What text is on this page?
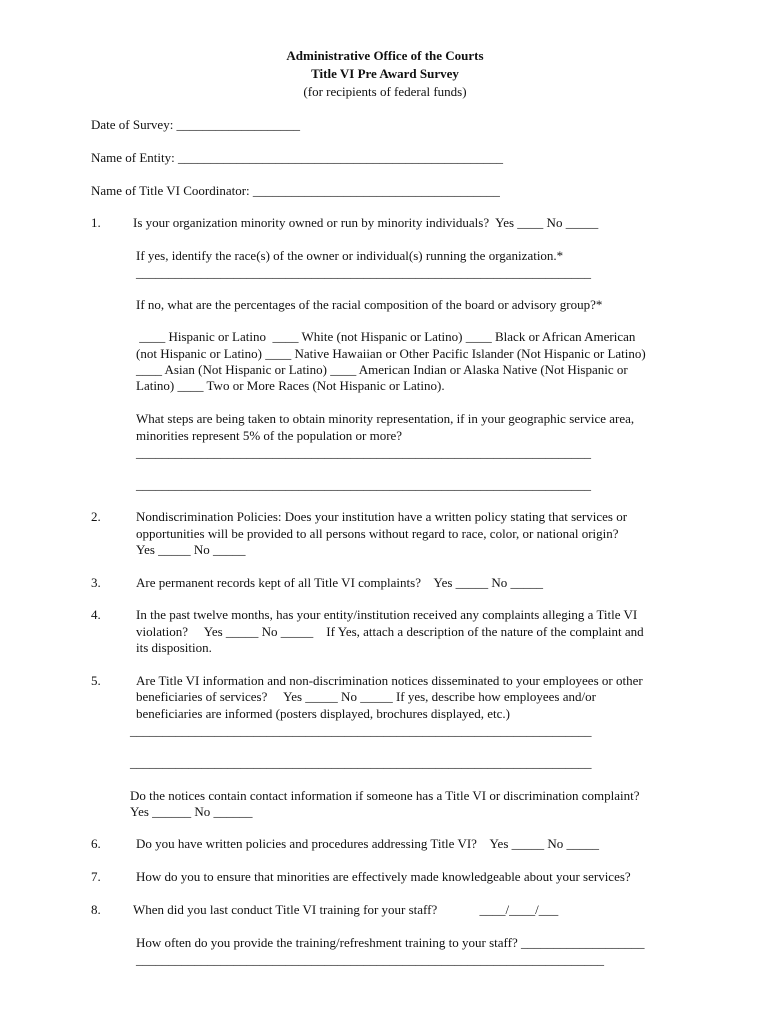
Administrative Office of the Courts
Title VI Pre Award Survey
(for recipients of federal funds)
Date of Survey: ___________________
Name of Entity: __________________________________________________
Name of Title VI Coordinator: ______________________________________
1. Is your organization minority owned or run by minority individuals?  Yes ____ No _____
If yes, identify the race(s) of the owner or individual(s) running the organization.*
______________________________________________________________________
If no, what are the percentages of the racial composition of the board or advisory group?*
____ Hispanic or Latino  ____ White (not Hispanic or Latino) ____ Black or African American
(not Hispanic or Latino) ____ Native Hawaiian or Other Pacific Islander (Not Hispanic or Latino)
____ Asian (Not Hispanic or Latino) ____ American Indian or Alaska Native (Not Hispanic or
Latino) ____ Two or More Races (Not Hispanic or Latino).
What steps are being taken to obtain minority representation, if in your geographic service area,
minorities represent 5% of the population or more?
______________________________________________________________________
______________________________________________________________________
2.	Nondiscrimination Policies: Does your institution have a written policy stating that services or
opportunities will be provided to all persons without regard to race, color, or national origin?
Yes _____ No _____
3.	Are permanent records kept of all Title VI complaints?    Yes _____ No _____
4.	In the past twelve months, has your entity/institution received any complaints alleging a Title VI
violation?     Yes _____ No _____    If Yes, attach a description of the nature of the complaint and
its disposition.
5.	Are Title VI information and non-discrimination notices disseminated to your employees or other
beneficiaries of services?     Yes _____ No _____ If yes, describe how employees and/or
beneficiaries are informed (posters displayed, brochures displayed, etc.)
_______________________________________________________________________
_______________________________________________________________________
Do the notices contain contact information if someone has a Title VI or discrimination complaint?
Yes ______ No ______
6.	Do you have written policies and procedures addressing Title VI?    Yes _____ No _____
7.	How do you to ensure that minorities are effectively made knowledgeable about your services?
8. When did you last conduct Title VI training for your staff?             ____/____/___
How often do you provide the training/refreshment training to your staff? ___________________
________________________________________________________________________
